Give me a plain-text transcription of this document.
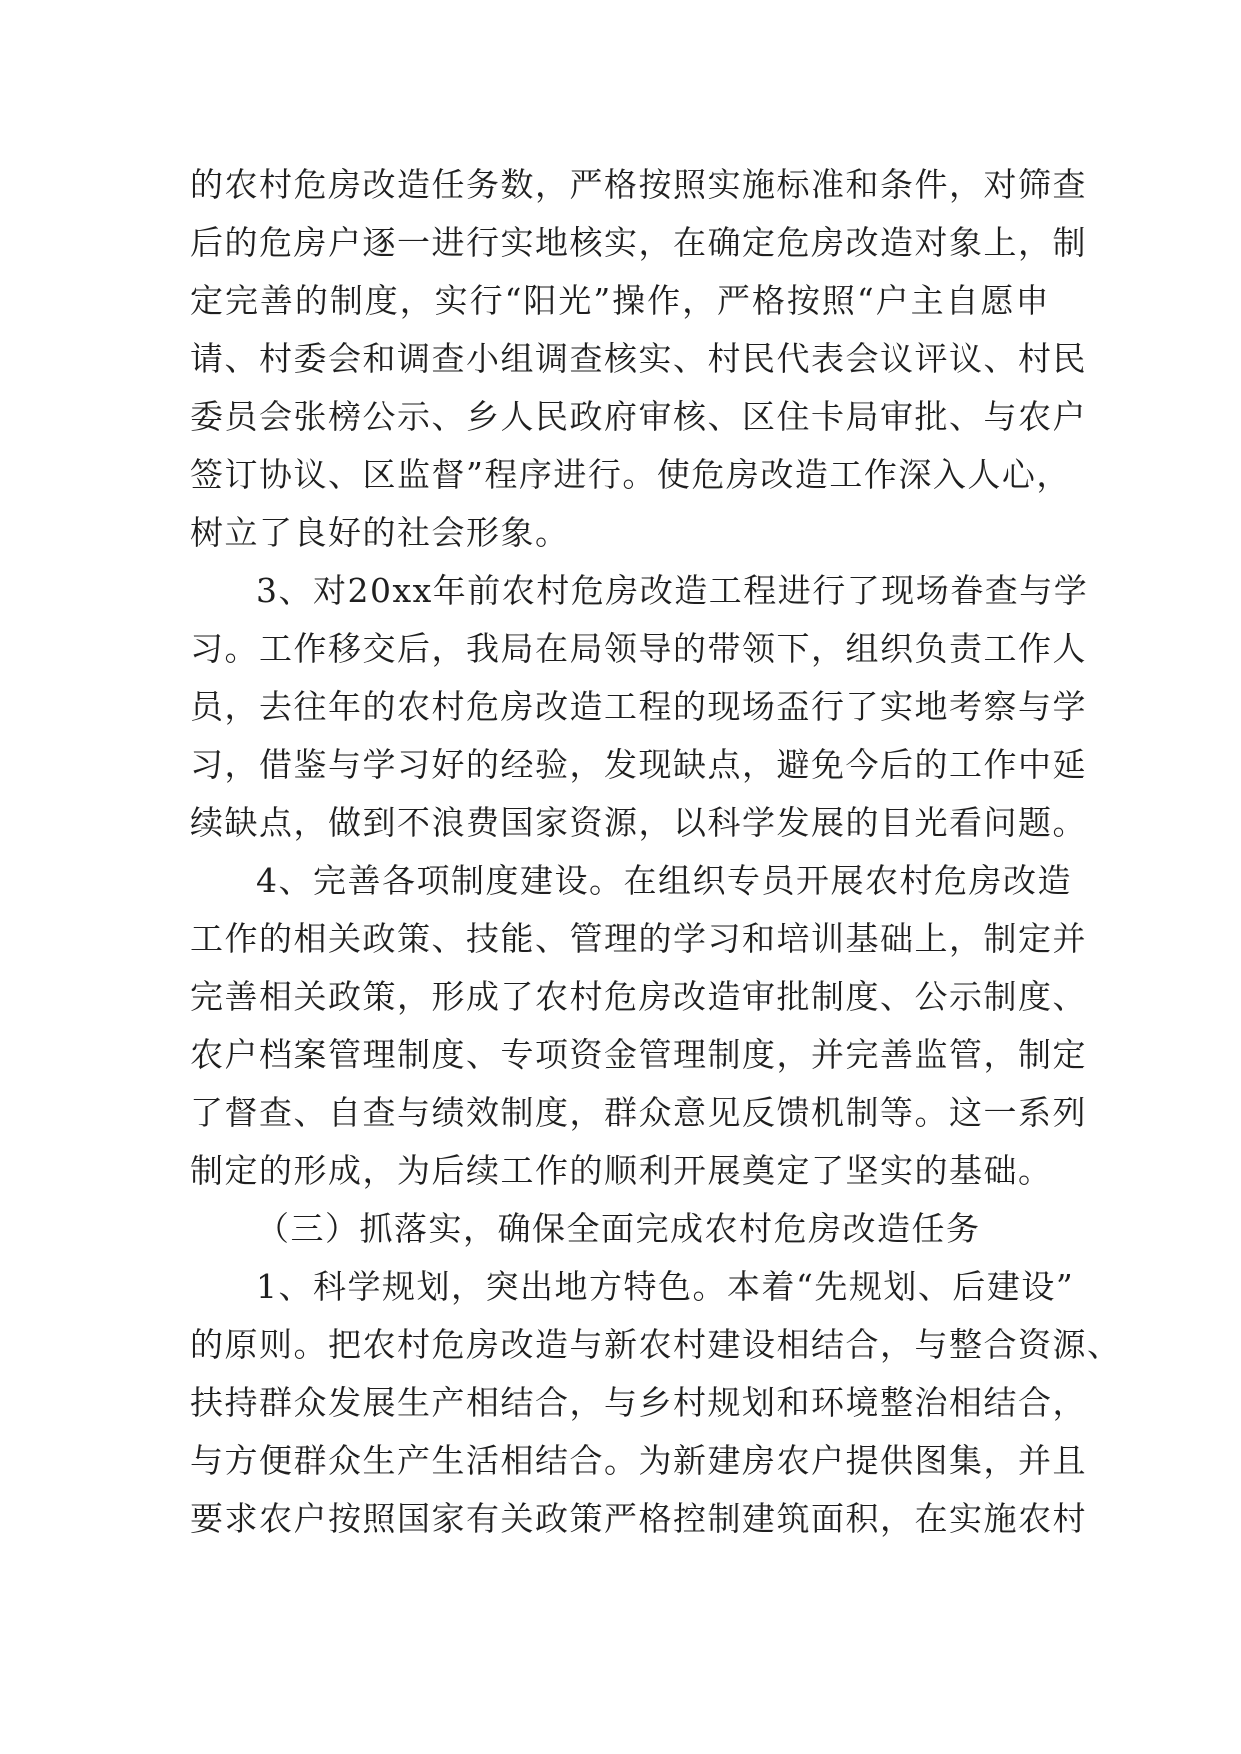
的农村危房改造任务数，严格按照实施标准和条件，对筛查
后的危房户逐一进行实地核实，在确定危房改造对象上，制
定完善的制度，实行“阳光”操作，严格按照“户主自愿申
请、村委会和调查小组调查核实、村民代表会议评议、村民
委员会张榜公示、乡人民政府审核、区住卡局审批、与农户
签订协议、区监督”程序进行。使危房改造工作深入人心，
树立了良好的社会形象。
3、对20xx年前农村危房改造工程进行了现场眷查与学
习。工作移交后，我局在局领导的带领下，组织负责工作人
员，去往年的农村危房改造工程的现场盃行了实地考察与学
习，借鉴与学习好的经验，发现缺点，避免今后的工作中延
续缺点，做到不浪费国家资源，以科学发展的目光看问题。
4、完善各项制度建设。在组织专员开展农村危房改造
工作的相关政策、技能、管理的学习和培训基础上，制定并
完善相关政策，形成了农村危房改造审批制度、公示制度、
农户档案管理制度、专项资金管理制度，并完善监管，制定
了督查、自查与绩效制度，群众意见反馈机制等。这一系列
制定的形成，为后续工作的顺利开展奠定了坚实的基础。
（三）抓落实，确保全面完成农村危房改造任务
1、科学规划，突出地方特色。本着“先规划、后建设”
的原则。把农村危房改造与新农村建设相结合，与整合资源、
扶持群众发展生产相结合，与乡村规划和环境整治相结合，
与方便群众生产生活相结合。为新建房农户提供图集，并且
要求农户按照国家有关政策严格控制建筑面积，在实施农村
